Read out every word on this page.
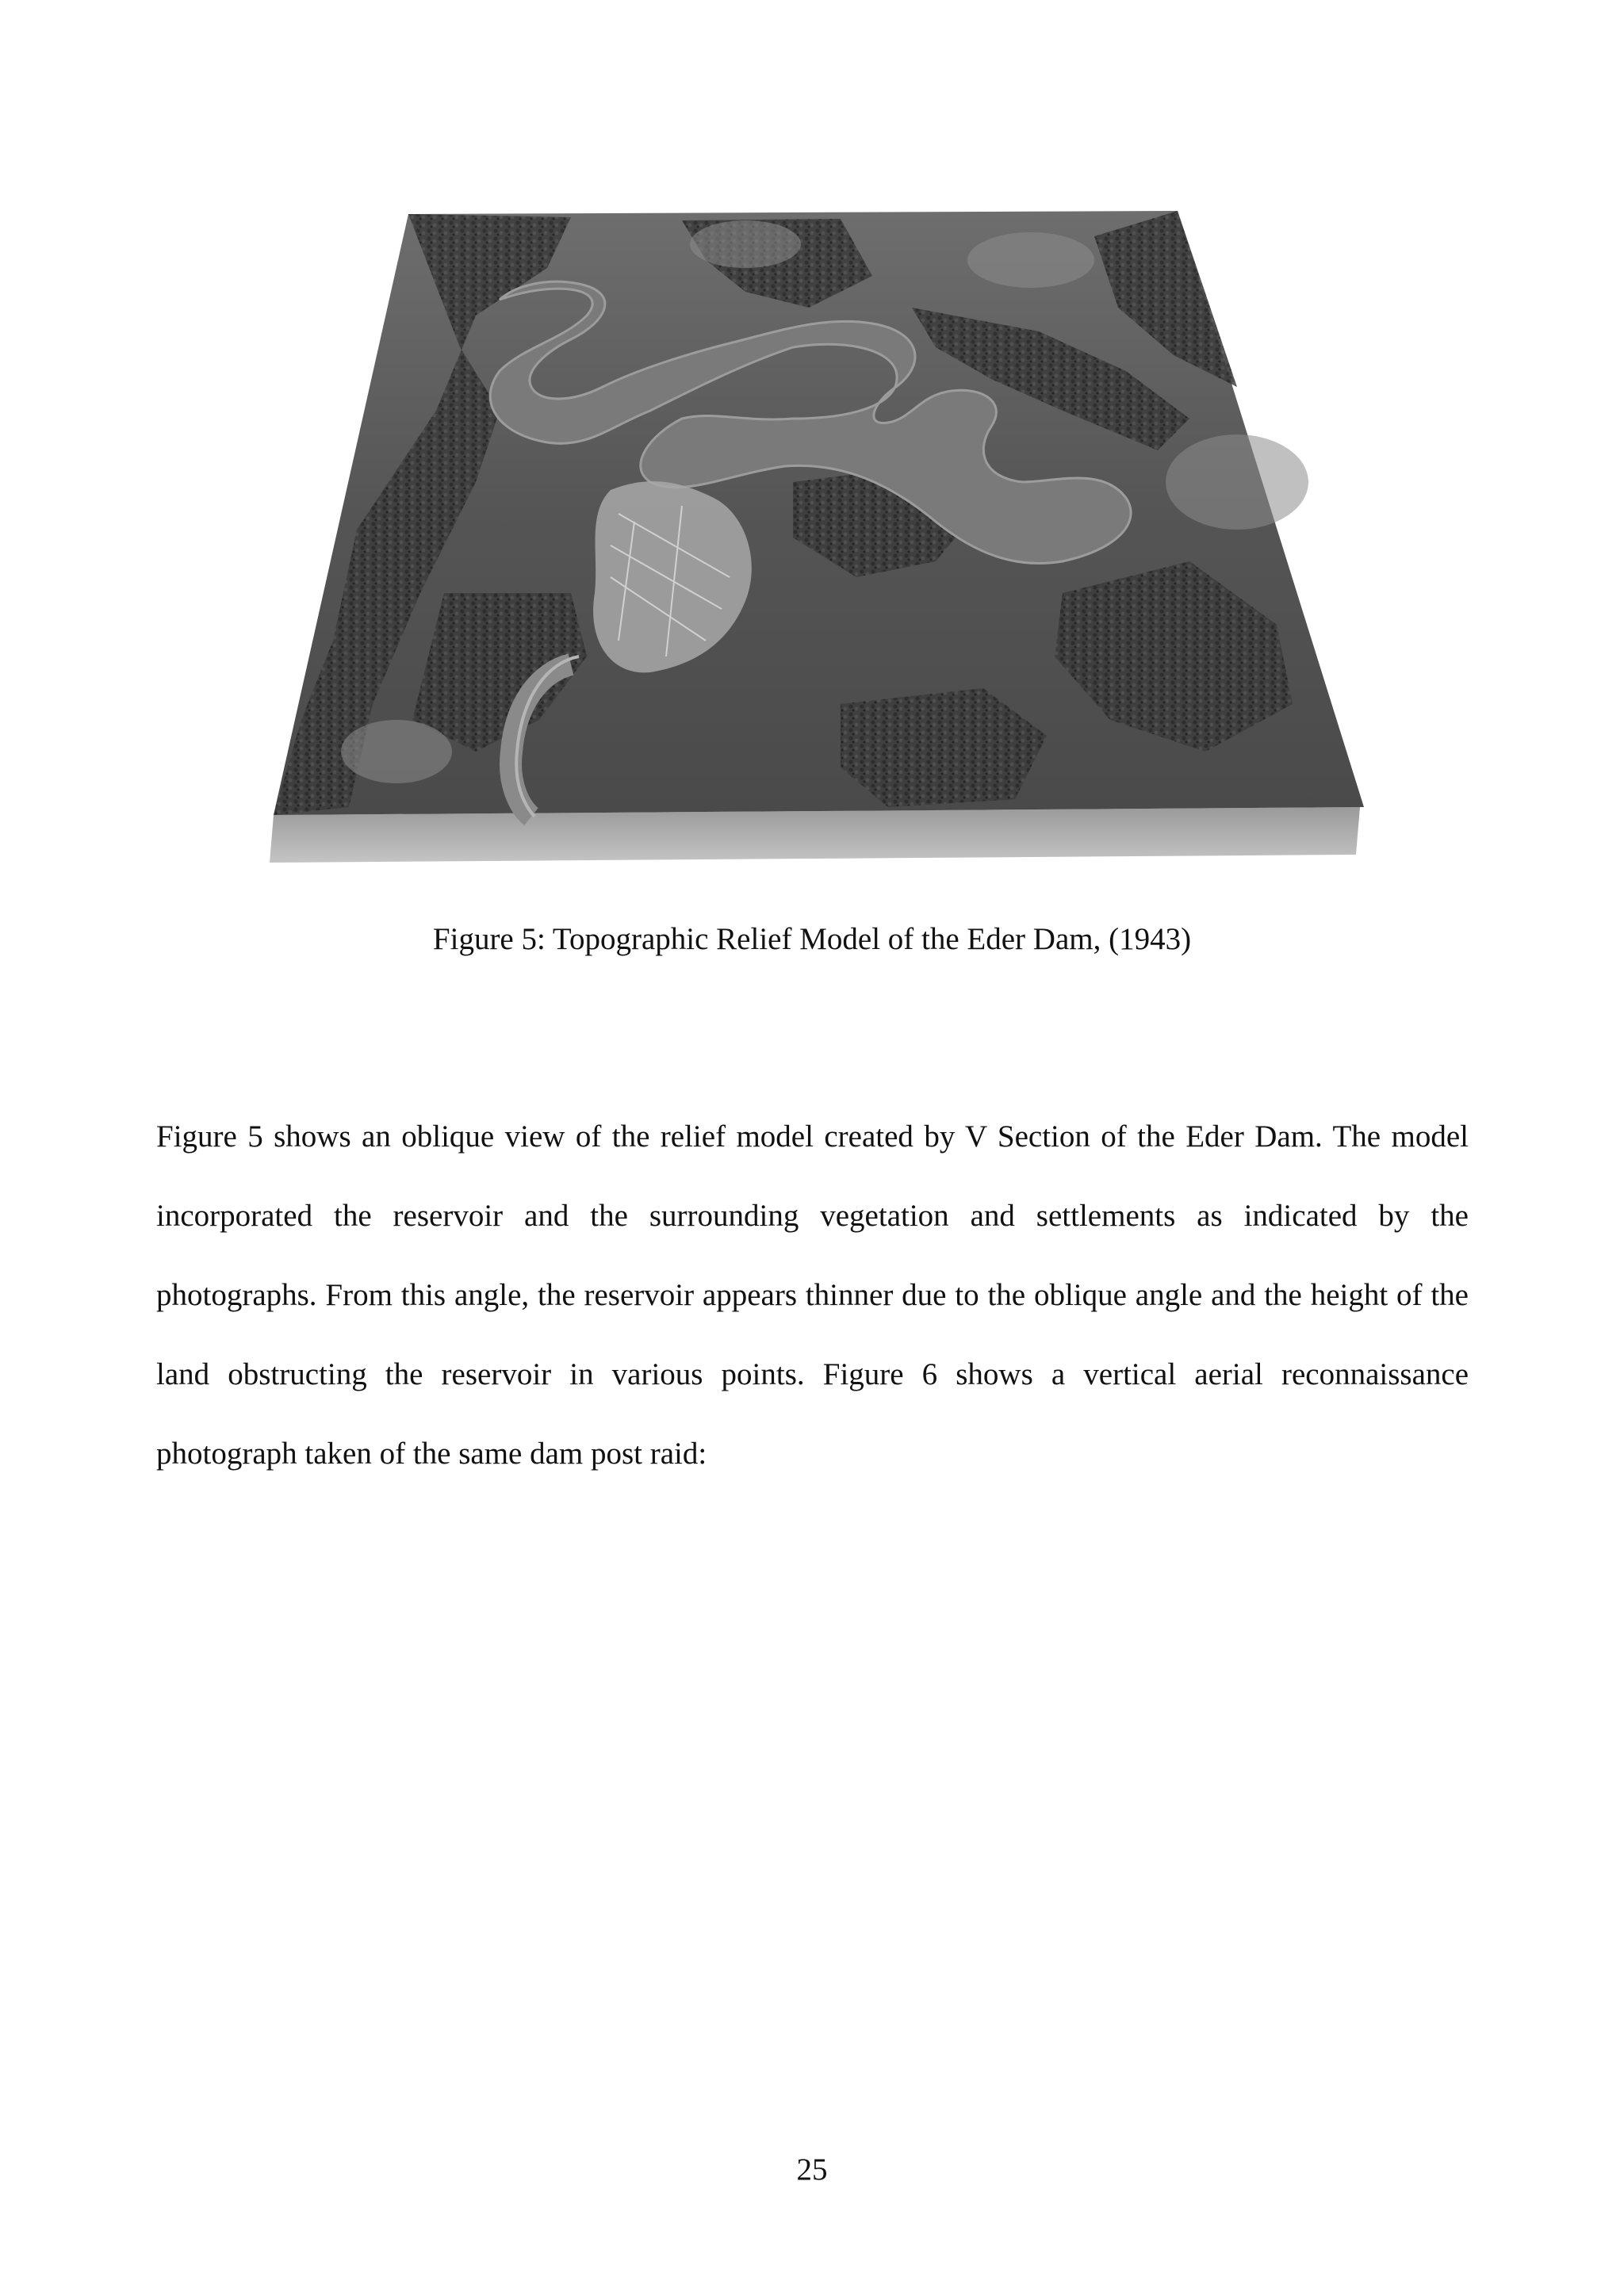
Figure 5: Topographic Relief Model of the Eder Dam, (1943)

Figure 5 shows an oblique view of the relief model created by V Section of the Eder Dam. The model incorporated the reservoir and the surrounding vegetation and settlements as indicated by the photographs. From this angle, the reservoir appears thinner due to the oblique angle and the height of the land obstructing the reservoir in various points. Figure 6 shows a vertical aerial reconnaissance photograph taken of the same dam post raid:

25
